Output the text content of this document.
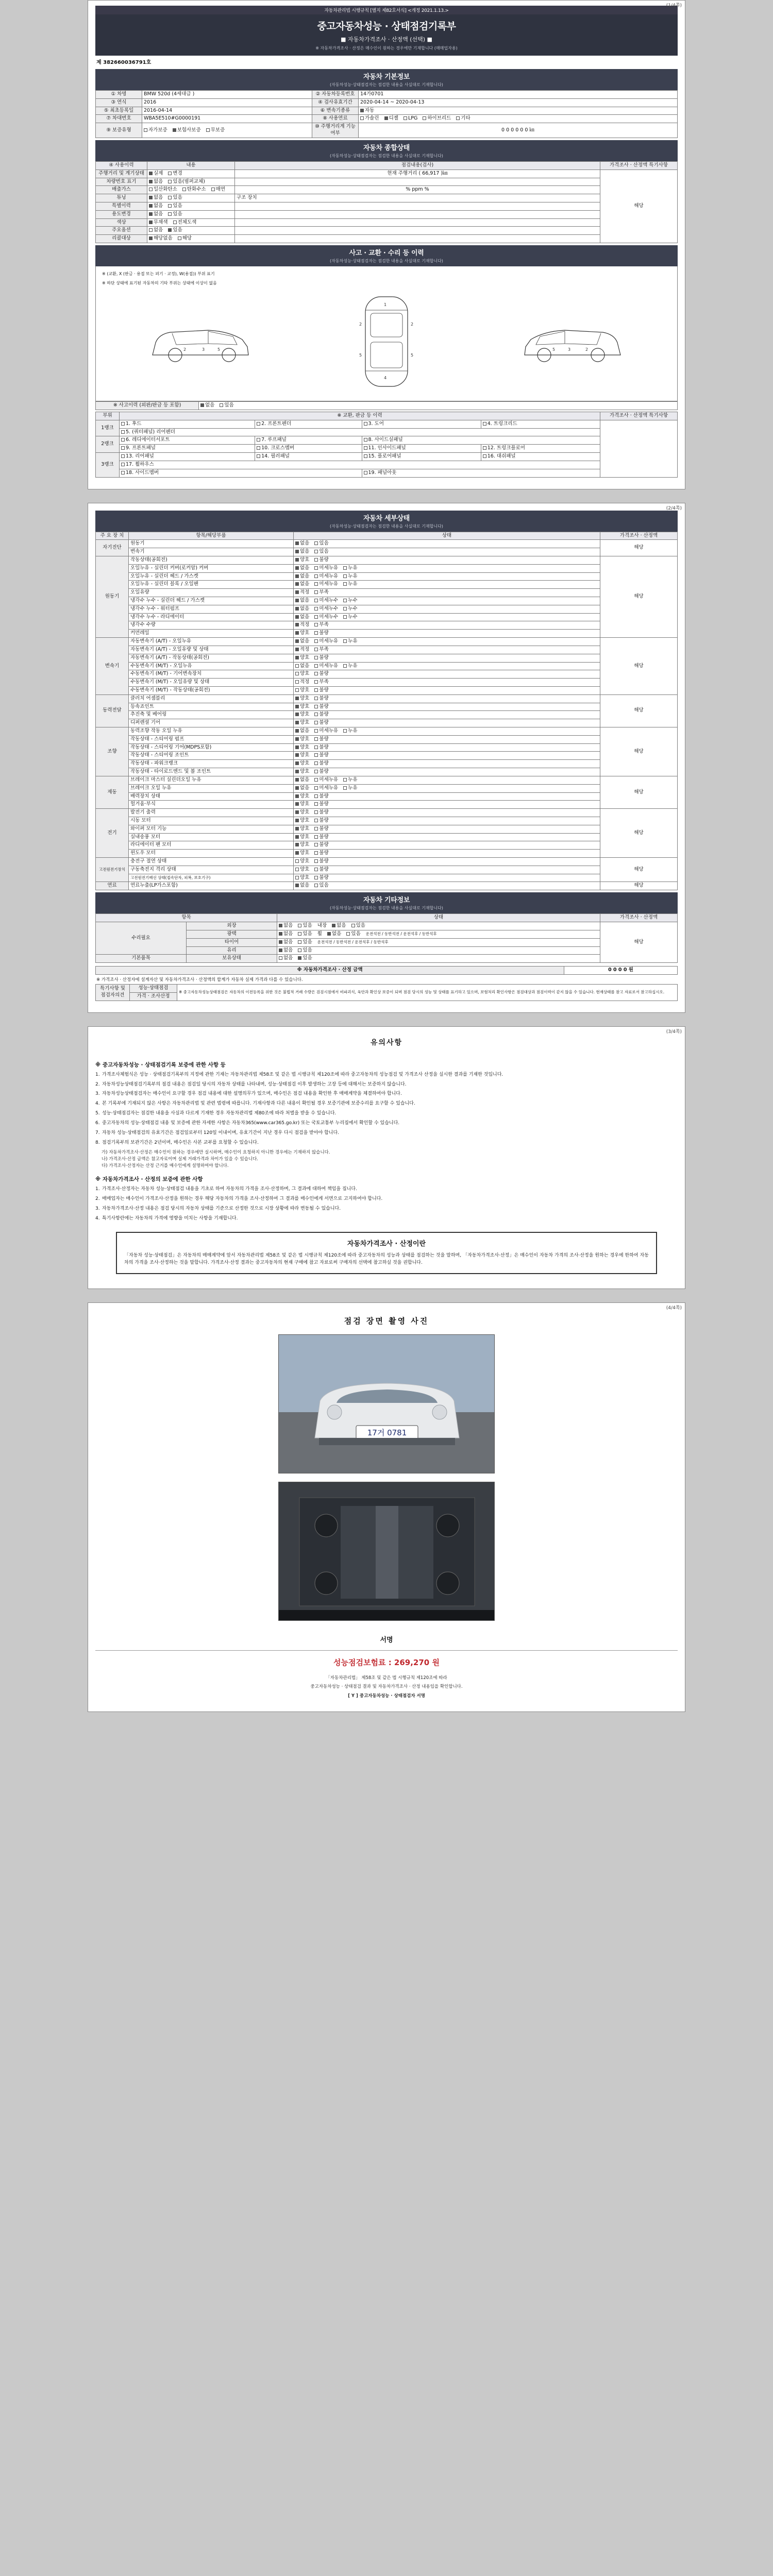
(1/4쪽)
자동차관리법 시행규칙 [별지 제82호서식] <개정 2021.1.13.>
중고자동차성능 · 상태점검기록부
■ 자동차가격조사 · 산정액 (선택) ■
※ 자동차가격조사 · 산정은 매수인이 원하는 경우에만 기재합니다 (매매업자용)
제 382660036791호
자동차 기본정보
(자동차성능·상태점검자는 점검한 내용을 사실대로 기재합니다)
① 차명	BMW 520d (4세대급 )	② 자동차등록번호	14가0701
③ 연식	2016	④ 검사유효기간	2020-04-14 ~ 2020-04-13
⑤ 최초등록일	2016-04-14	⑥ 변속기종류	자동
⑦ 차대번호	WBA5E510#G0000191	⑧ 사용연료	가솔린 디젤 LPG 하이브리드 기타
⑨ 보증유형	자가보증 보험사보증 무보증	⑩ 주행거리계 기능여부	0 0 0 0 0 0 ㎞
자동차 종합상태
(자동차성능·상태점검자는 점검한 내용을 사실대로 기재합니다)
④ 사용이력	내용	점검내용(검사)	가격조사 · 산정액 특기사항
주행거리 및 계기상태	실제 변경	현재 주행거리 ( 66,917 )㎞	해당
차량번호 표기	없음 있음(범퍼교체)		
배출가스	일산화탄소 탄화수소 매연	% ppm %	
튜닝	없음 있음	구조 장치	
특별이력	없음 있음		
용도변경	없음 있음		
색상	무채색 전체도색		
주요옵션	없음 있음		
리콜대상	해당없음 해당		
사고 · 교환 · 수리 등 이력
(자동차성능·상태점검자는 점검한 내용을 사실대로 기재합니다)
※ (교환, X (판금 · 용접 또는 펴기 · 교정), W(용접)) 부위 표기
※ 하단 상태에 표기된 자동차의 기타 부위는 상태에 이상이 없음
2	3	5
1
4
2	2
5	5
2
3
5
※ 사고이력 (외판/판금 등 포함)	없음 있음
부위	※ 교환, 판금 등 이력				가격조사 · 산정액 특기사항
1랭크	1. 후드	2. 프론트펜더	3. 도어	4. 트렁크리드	
	5. (쿼터패널) 리어펜더				
2랭크	6. 레디에이터서포트	7. 루프패널	8. 사이드실패널		
	9. 프론트패널	10. 크로스멤버	11. 인사이드패널	12. 트렁크플로어	
3랭크	13. 리어패널	14. 필러패널	15. 플로어패널	16. 대쉬패널	
	17. 휠하우스				
	18. 사이드멤버		19. 패널아웃		
(2/4쪽)
자동차 세부상태
(자동차성능·상태점검자는 점검한 내용을 사실대로 기재합니다)
주 요 장 치	항목/해당부품	상태	가격조사 · 산정액
자기진단	원동기	없음 있음	해당
	변속기	없음 있음	
원동기	작동상태(공회전)	양호 불량	해당
	오일누유 - 실린더 커버(로커암) 커버	없음 미세누유 누유	
	오일누유 - 실린더 헤드 / 가스켓	없음 미세누유 누유	
	오일누유 - 실린더 블록 / 오일팬	없음 미세누유 누유	
	오일유량	적정 부족	
	냉각수 누수 - 실린더 헤드 / 가스켓	없음 미세누수 누수	
	냉각수 누수 - 워터펌프	없음 미세누수 누수	
	냉각수 누수 - 라디에이터	없음 미세누수 누수	
	냉각수 수량	적정 부족	
	커먼레일	양호 불량	
변속기	자동변속기 (A/T) - 오일누유	없음 미세누유 누유	해당
	자동변속기 (A/T) - 오일유량 및 상태	적정 부족	
	자동변속기 (A/T) - 작동상태(공회전)	양호 불량	
	수동변속기 (M/T) - 오일누유	없음 미세누유 누유	
	수동변속기 (M/T) - 기어변속장치	양호 불량	
	수동변속기 (M/T) - 오일유량 및 상태	적정 부족	
	수동변속기 (M/T) - 작동상태(공회전)	양호 불량	
동력전달	클러치 어셈블리	양호 불량	해당
	등속죠인트	양호 불량	
	추진축 및 베어링	양호 불량	
	디퍼렌셜 기어	양호 불량	
조향	동력조향 작동 오일 누유	없음 미세누유 누유	해당
	작동상태 - 스티어링 펌프	양호 불량	
	작동상태 - 스티어링 기어(MDPS포함)	양호 불량	
	작동상태 - 스티어링 조인트	양호 불량	
	작동상태 - 파워크랭크	양호 불량	
	작동상태 - 타이로드엔드 및 볼 조인트	양호 불량	
제동	브레이크 마스터 실린더오일 누유	없음 미세누유 누유	해당
	브레이크 오일 누유	없음 미세누유 누유	
	배력장치 상태	양호 불량	
	헐거움·부식	양호 불량	
전기	발전기 출력	양호 불량	해당
	시동 모터	양호 불량	
	와이퍼 모터 기능	양호 불량	
	실내송풍 모터	양호 불량	
	라디에이터 팬 모터	양호 불량	
	윈도우 모터	양호 불량	
고전원전기장치	충전구 절연 상태	양호 불량	해당
	구동축전지 격리 상태	양호 불량	
	고전원전기배선 상태(접속단자, 피복, 보호기구)	양호 불량	
연료	연료누출(LP가스포함)	없음 있음	해당
자동차 기타정보
(자동차성능·상태점검자는 점검한 내용을 사실대로 기재합니다)
항목		상태	가격조사 · 산정액
수리필요	외장	없음 있음 내장 없음 있음	해당
	광택	없음 있음 휠 없음 있음 운전석전 / 동반석전 / 운전석후 / 동반석후	
	타이어	없음 있음 운전석전 / 동반석전 / 운전석후 / 동반석후	
	유리	없음 있음	
기본품목	보유상태	없음 있음	
※ 자동차가격조사 · 산정 금액	0 0 0 0 원
※ 가격조사 · 산정자에 설계자산 및 자동차가격조사 · 산정액의 합계가 자동차 실제 가격과 다를 수 있습니다.
특기사항 및 점검자의견	성능·상태점검	※ 중고자동차성능상태점검은 자동차의 이전등록을 위한 것은 불법적 거래 수량은 검검시점에서 비파괴식, 육안과 확인상 보증이 되며 점검 당시의 성능 및 상태를 표기하고 있으며, 보험처리 확인사항은 점검대상과 점검이력이 같지 않을 수 있습니다. 현재상태를 참고 자료로서 참고하십시오.
가격 · 조사산정
(3/4쪽)
유의사항
※ 중고자동차성능 · 상태점검기록 보증에 관한 사항 등
1. 가격조사체험식은 성능 · 상태점검기록부의 지정에 관한 기재는 자동차관리법 제58조 및 같은 법 시행규칙 제120조에 따라 중고자동차의 성능점검 및 가격조사 산정을 실시한 결과를 기재한 것입니다.
2. 자동차성능상태점검기록부의 점검 내용은 점검일 당시의 자동차 상태를 나타내며, 성능·상태점검 이후 발생하는 고장 등에 대해서는 보증하지 않습니다.
3. 자동차성능상태점검자는 매수인이 요구할 경우 점검 내용에 대한 설명의무가 있으며, 매수인은 점검 내용을 확인한 후 매매계약을 체결하여야 합니다.
4. 본 기록부에 기재되지 않은 사항은 자동차관리법 및 관련 법령에 따릅니다. 기재사항과 다른 내용이 확인될 경우 보증기관에 보증수리를 요구할 수 있습니다.
5. 성능·상태점검자는 점검한 내용을 사실과 다르게 기재한 경우 자동차관리법 제80조에 따라 처벌을 받을 수 있습니다.
6. 중고자동차의 성능·상태점검 내용 및 보증에 관한 자세한 사항은 자동차365(www.car365.go.kr) 또는 국토교통부 누리집에서 확인할 수 있습니다.
7. 자동차 성능·상태점검의 유효기간은 점검일로부터 120일 이내이며, 유효기간이 지난 경우 다시 점검을 받아야 합니다.
8. 점검기록부의 보관기간은 2년이며, 매수인은 사본 교부를 요청할 수 있습니다.
가) 자동차가격조사·산정은 매수인이 원하는 경우에만 실시하며, 매수인이 요청하지 아니한 경우에는 기재하지 않습니다.
나) 가격조사·산정 금액은 참고자료이며 실제 거래가격과 차이가 있을 수 있습니다.
다) 가격조사·산정자는 산정 근거를 매수인에게 설명하여야 합니다.
※ 자동차가격조사 · 산정의 보증에 관한 사항
1. 가격조사·산정자는 자동차 성능·상태점검 내용을 기초로 하여 자동차의 가격을 조사·산정하며, 그 결과에 대하여 책임을 집니다.
2. 매매업자는 매수인이 가격조사·산정을 원하는 경우 해당 자동차의 가격을 조사·산정하여 그 결과를 매수인에게 서면으로 고지하여야 합니다.
3. 자동차가격조사·산정 내용은 점검 당시의 자동차 상태를 기준으로 산정한 것으로 시장 상황에 따라 변동될 수 있습니다.
4. 특기사항란에는 자동차의 가격에 영향을 미치는 사항을 기재합니다.
자동차가격조사 · 산정이란

「자동차 성능·상태점검」은 자동차의 매매계약에 앞서 자동차관리법 제58조 및 같은 법 시행규칙 제120조에 따라 중고자동차의 성능과 상태를 점검하는 것을 말하며, 「자동차가격조사·산정」은 매수인이 자동차 가격의 조사·산정을 원하는 경우에 한하여 자동차의 가격을 조사·산정하는 것을 말합니다. 가격조사·산정 결과는 중고자동차의 현재 구매에 참고 자료로써 구매자의 선택에 참고하실 것을 권합니다.

(4/4쪽)
점검 장면 촬영 사진
17거 0781
서명
성능점검보험료 : 269,270 원
「자동차관리법」 제58조 및 같은 법 시행규칙 제120조에 따라
중고자동차성능 · 상태점검 결과 및 자동차가격조사 · 산정 내용임을 확인합니다.
[ Y ] 중고자동차성능 · 상태점검자 서명
